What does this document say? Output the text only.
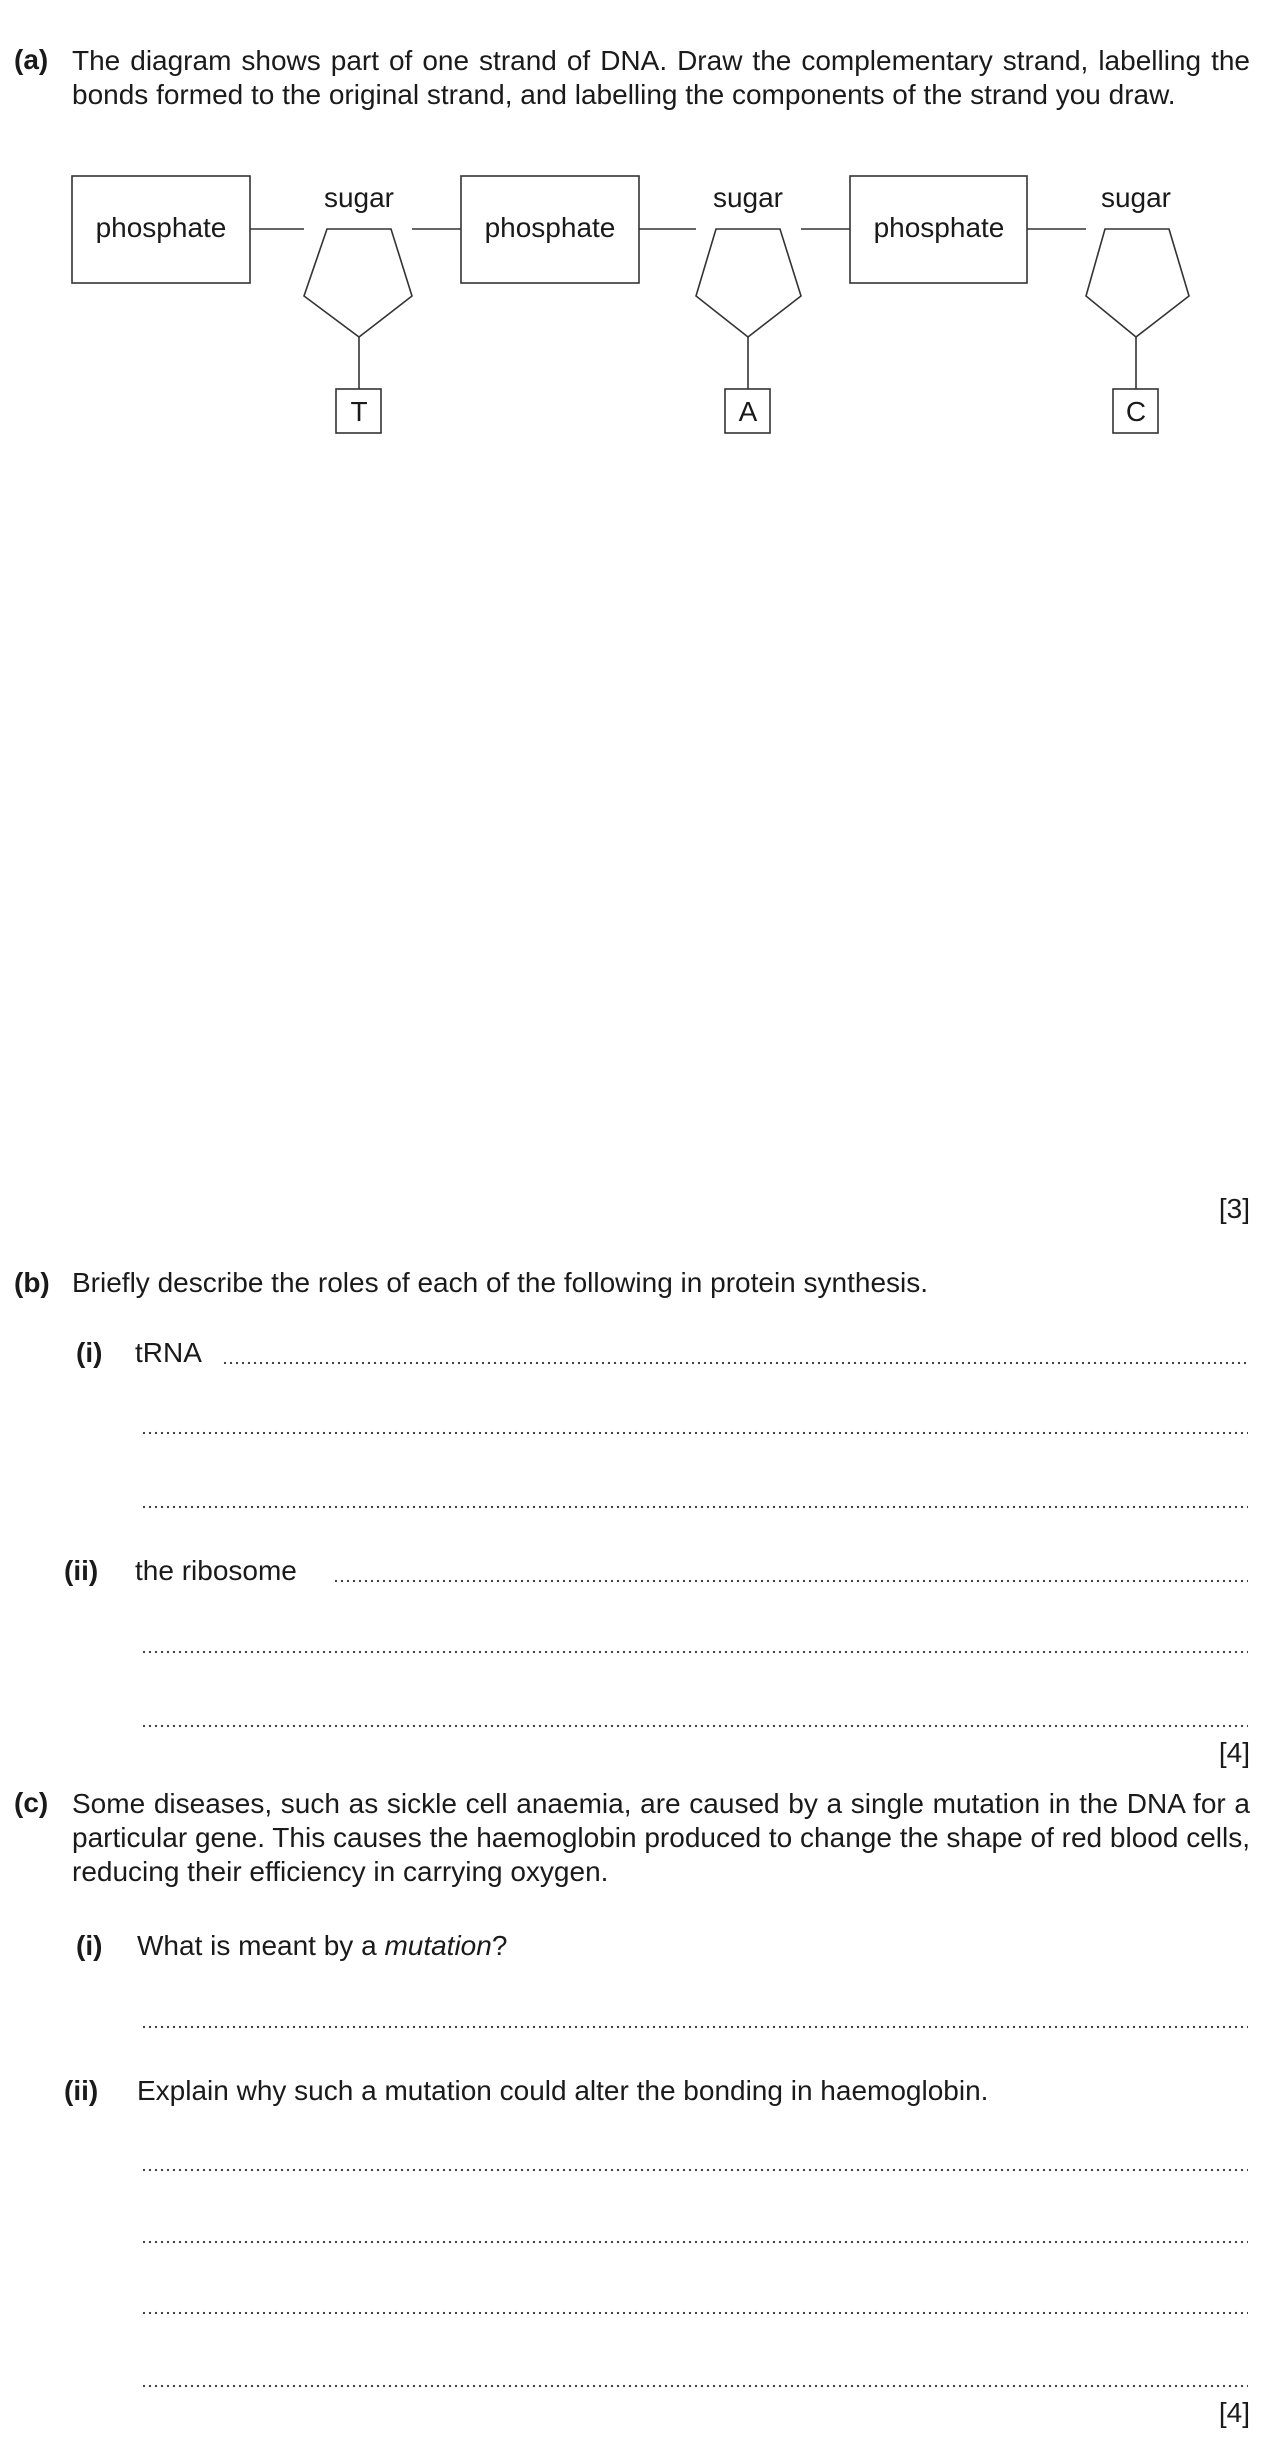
(a) The diagram shows part of one strand of DNA. Draw the complementary strand, labelling the bonds formed to the original strand, and labelling the components of the strand you draw.
phosphate	phosphate	phosphate
sugar	sugar	sugar
T	A	C
[3]
(b) Briefly describe the roles of each of the following in protein synthesis.
(i) tRNA
(ii) the ribosome
[4]
(c) Some diseases, such as sickle cell anaemia, are caused by a single mutation in the DNA for a particular gene. This causes the haemoglobin produced to change the shape of red blood cells, reducing their efficiency in carrying oxygen.
(i) What is meant by a mutation?
(ii) Explain why such a mutation could alter the bonding in haemoglobin.
[4]
